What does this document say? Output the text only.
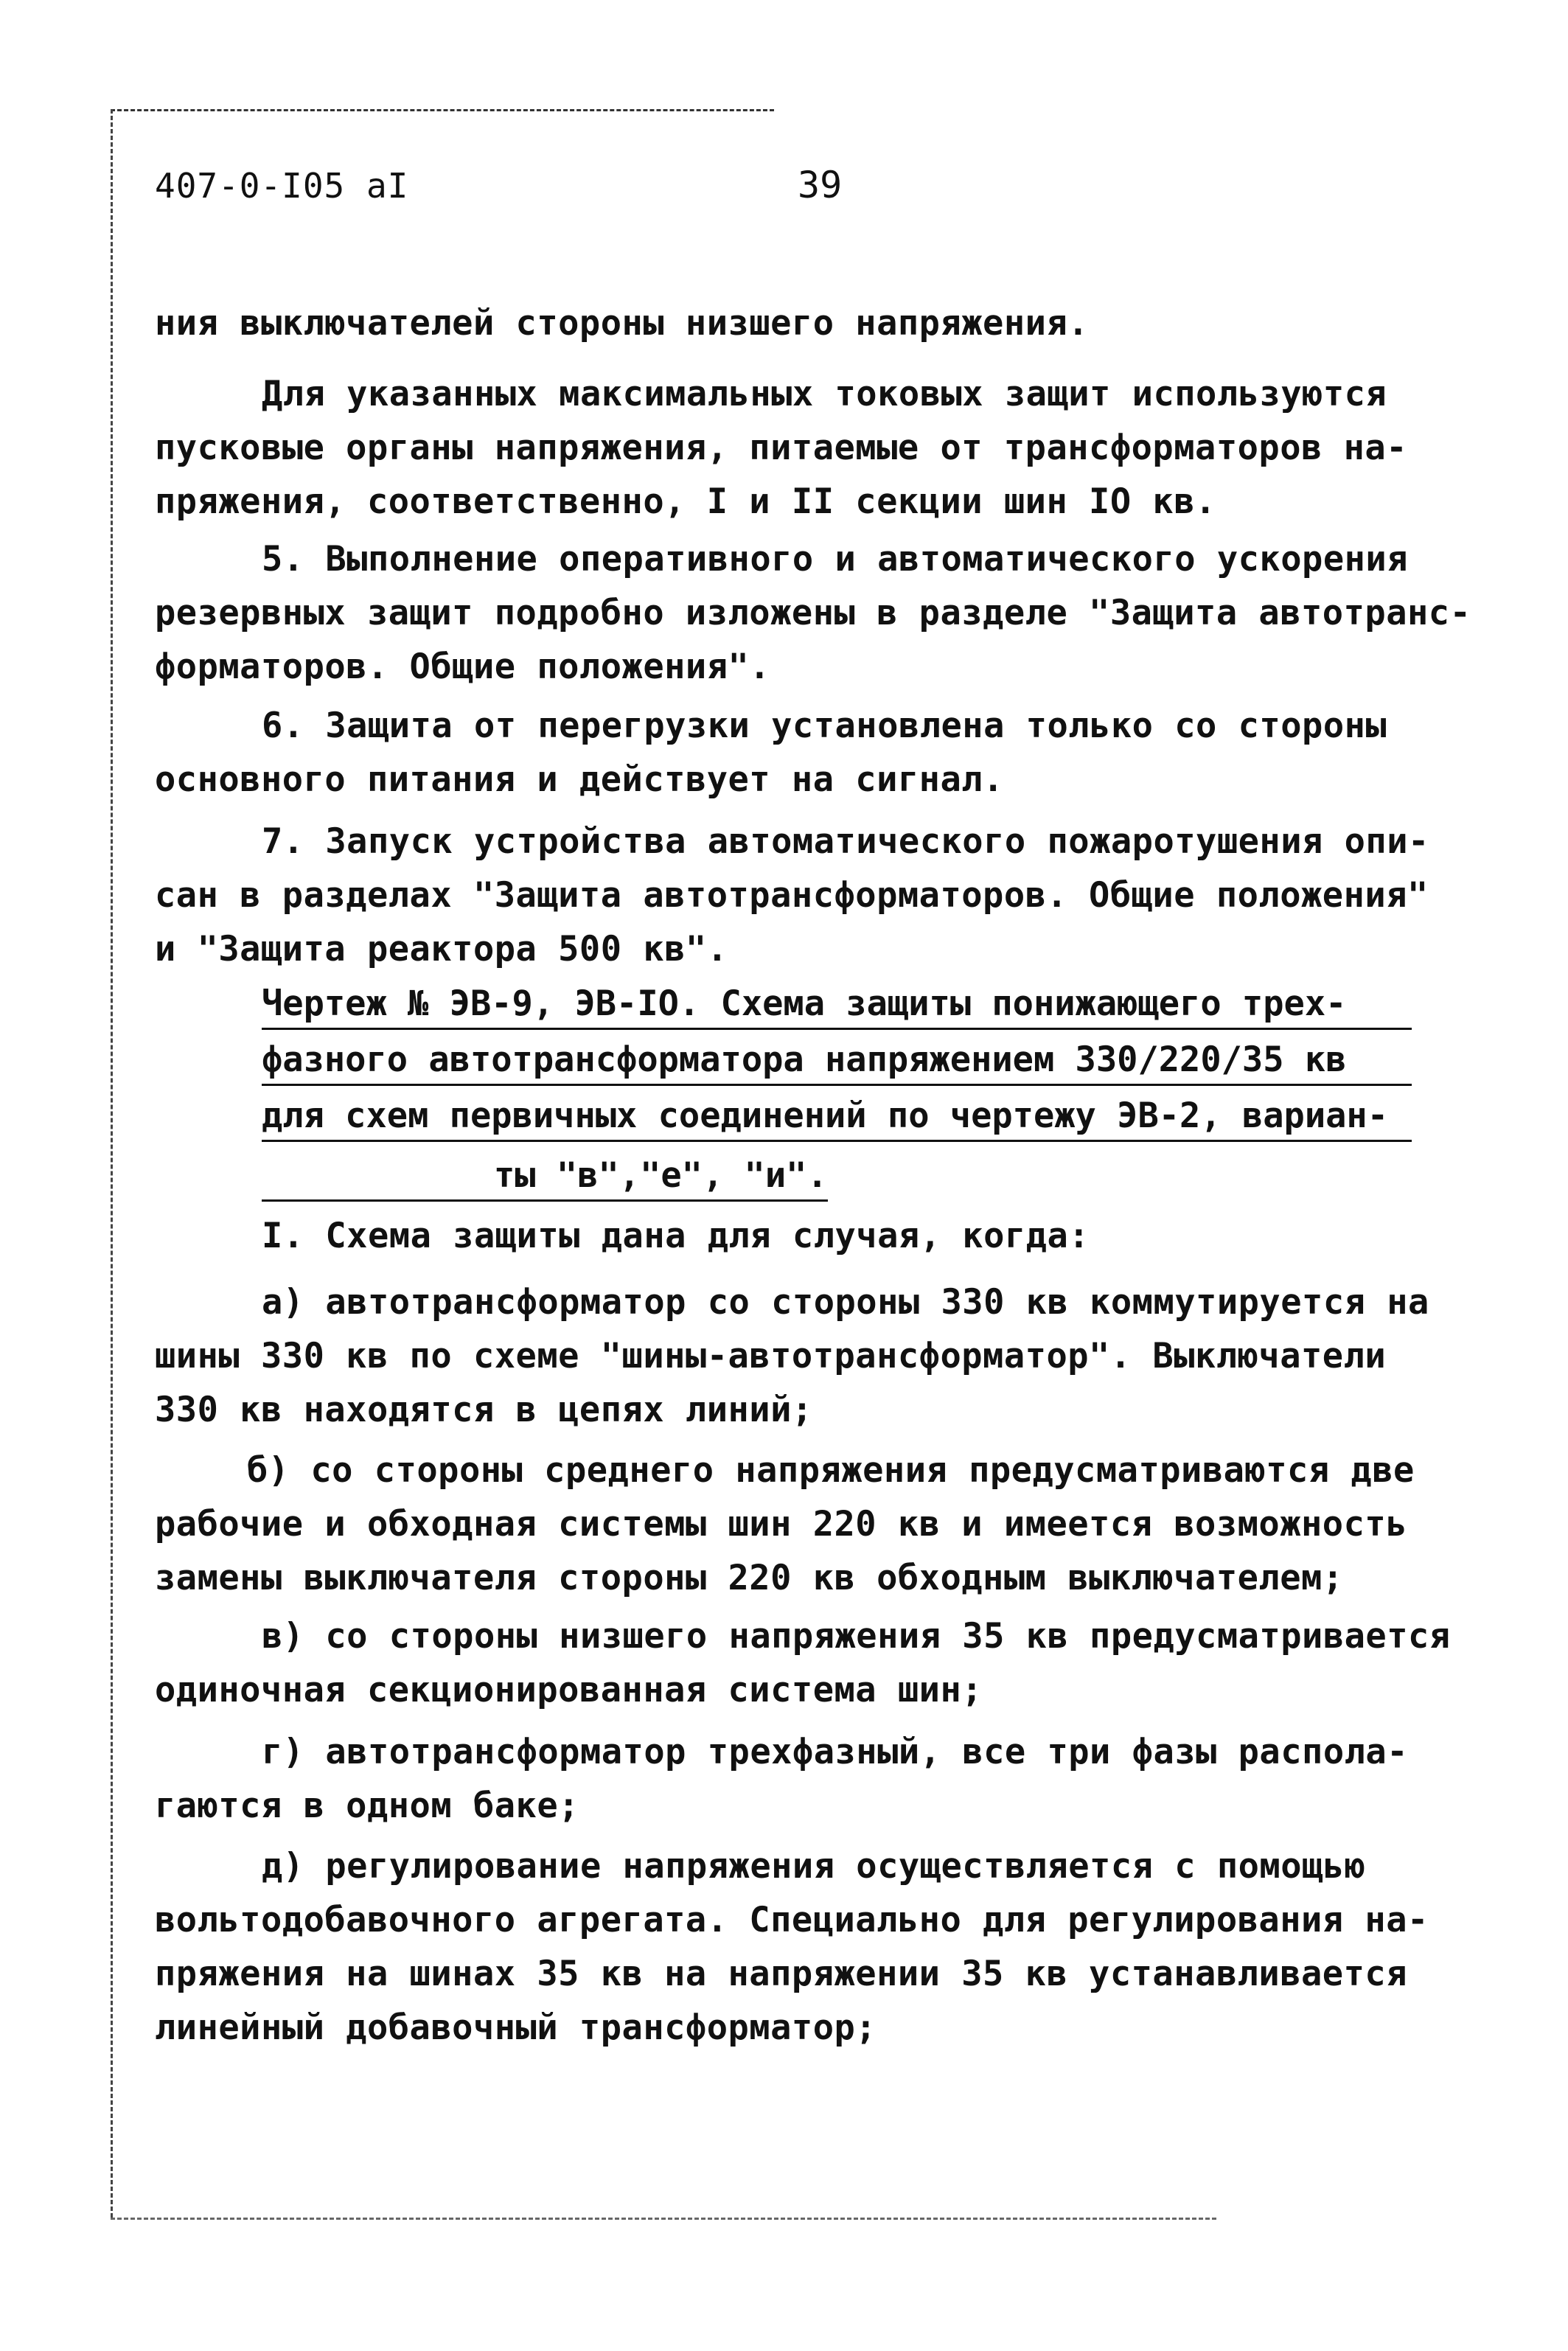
407-0-I05 aI	39
ния выключателей стороны низшего напряжения.
Для указанных максимальных токовых защит используются
пусковые органы напряжения, питаемые от трансформаторов на-
пряжения, соответственно, I и II секции шин IO кв.
5. Выполнение оперативного и автоматического ускорения
резервных защит подробно изложены в разделе "Защита автотранс-
форматоров. Общие положения".
6. Защита от перегрузки установлена только со стороны
основного питания и действует на сигнал.
7. Запуск устройства автоматического пожаротушения опи-
сан в разделах "Защита автотрансформаторов. Общие положения"
и "Защита реактора 500 кв".
Чертеж № ЭВ-9, ЭВ-IO. Схема защиты понижающего трех-
фазного автотрансформатора напряжением 330/220/35 кв
для схем первичных соединений по чертежу ЭВ-2, вариан-
ты "в","е", "и".
I. Схема защиты дана для случая, когда:
а) автотрансформатор со стороны 330 кв коммутируется на
шины 330 кв по схеме "шины-автотрансформатор". Выключатели
330 кв находятся в цепях линий;
б) со стороны среднего напряжения предусматриваются две
рабочие и обходная системы шин 220 кв и имеется возможность
замены выключателя стороны 220 кв обходным выключателем;
в) со стороны низшего напряжения 35 кв предусматривается
одиночная секционированная система шин;
г) автотрансформатор трехфазный, все три фазы распола-
гаются в одном баке;
д) регулирование напряжения осуществляется с помощью
вольтодобавочного агрегата. Специально для регулирования на-
пряжения на шинах 35 кв на напряжении 35 кв устанавливается
линейный добавочный трансформатор;
